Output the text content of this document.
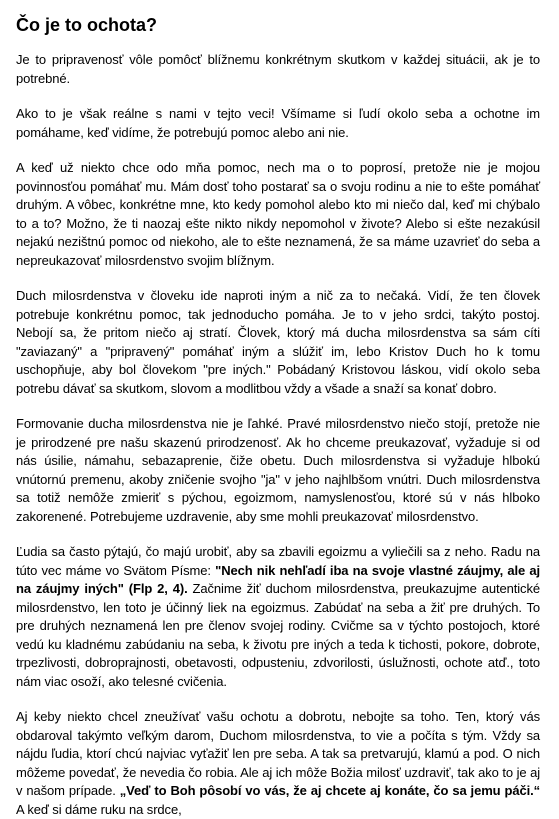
Čo je to ochota?

Je to pripravenosť vôle pomôcť blížnemu konkrétnym skutkom v každej situácii, ak je to potrebné.

Ako to je však reálne s nami v tejto veci! Všímame si ľudí okolo seba a ochotne im pomáhame, keď vidíme, že potrebujú pomoc alebo ani nie.

A keď už niekto chce odo mňa pomoc, nech ma o to poprosí, pretože nie je mojou povinnosťou pomáhať mu. Mám dosť toho postarať sa o svoju rodinu a nie to ešte pomáhať druhým. A vôbec, konkrétne mne, kto kedy pomohol alebo kto mi niečo dal, keď mi chýbalo to a to? Možno, že ti naozaj ešte nikto nikdy nepomohol v živote? Alebo si ešte nezakúsil nejakú nezištnú pomoc od niekoho, ale to ešte neznamená, že sa máme uzavrieť do seba a nepreukazovať milosrdenstvo svojim blížnym.

Duch milosrdenstva v človeku ide naproti iným a nič za to nečaká. Vidí, že ten človek potrebuje konkrétnu pomoc, tak jednoducho pomáha. Je to v jeho srdci, takýto postoj. Nebojí sa, že pritom niečo aj stratí. Človek, ktorý má ducha milosrdenstva sa sám cíti "zaviazaný" a "pripravený" pomáhať iným a slúžiť im, lebo Kristov Duch ho k tomu uschopňuje, aby bol človekom "pre iných." Pobádaný Kristovou láskou, vidí okolo seba potrebu dávať sa skutkom, slovom a modlitbou vždy a všade a snaží sa konať dobro.

Formovanie ducha milosrdenstva nie je ľahké. Pravé milosrdenstvo niečo stojí, pretože nie je prirodzené pre našu skazenú prirodzenosť. Ak ho chceme preukazovať, vyžaduje si od nás úsilie, námahu, sebazaprenie, čiže obetu. Duch milosrdenstva si vyžaduje hlbokú vnútornú premenu, akoby zničenie svojho "ja" v jeho najhlbšom vnútri. Duch milosrdenstva sa totiž nemôže zmieriť s pýchou, egoizmom, namyslenosťou, ktoré sú v nás hlboko zakorenené. Potrebujeme uzdravenie, aby sme mohli preukazovať milosrdenstvo.

Ľudia sa často pýtajú, čo majú urobiť, aby sa zbavili egoizmu a vyliečili sa z neho. Radu na túto vec máme vo Svätom Písme: "Nech nik nehľadí iba na svoje vlastné záujmy, ale aj na záujmy iných" (Flp 2, 4). Začnime žiť duchom milosrdenstva, preukazujme autentické milosrdenstvo, len toto je účinný liek na egoizmus. Zabúdať na seba a žiť pre druhých. To pre druhých neznamená len pre členov svojej rodiny. Cvičme sa v týchto postojoch, ktoré vedú ku kladnému zabúdaniu na seba, k životu pre iných a teda k tichosti, pokore, dobrote, trpezlivosti, dobroprajnosti, obetavosti, odpusteniu, zdvorilosti, úslužnosti, ochote atď., toto nám viac osoží, ako telesné cvičenia.

Aj keby niekto chcel zneužívať vašu ochotu a dobrotu, nebojte sa toho. Ten, ktorý vás obdaroval takýmto veľkým darom, Duchom milosrdenstva, to vie a počíta s tým. Vždy sa nájdu ľudia, ktorí chcú najviac vyťažiť len pre seba. A tak sa pretvarujú, klamú a pod. O nich môžeme povedať, že nevedia čo robia. Ale aj ich môže Božia milosť uzdraviť, tak ako to je aj v našom prípade. „Veď to Boh pôsobí vo vás, že aj chcete aj konáte, čo sa jemu páči.“ A keď si dáme ruku na srdce,
